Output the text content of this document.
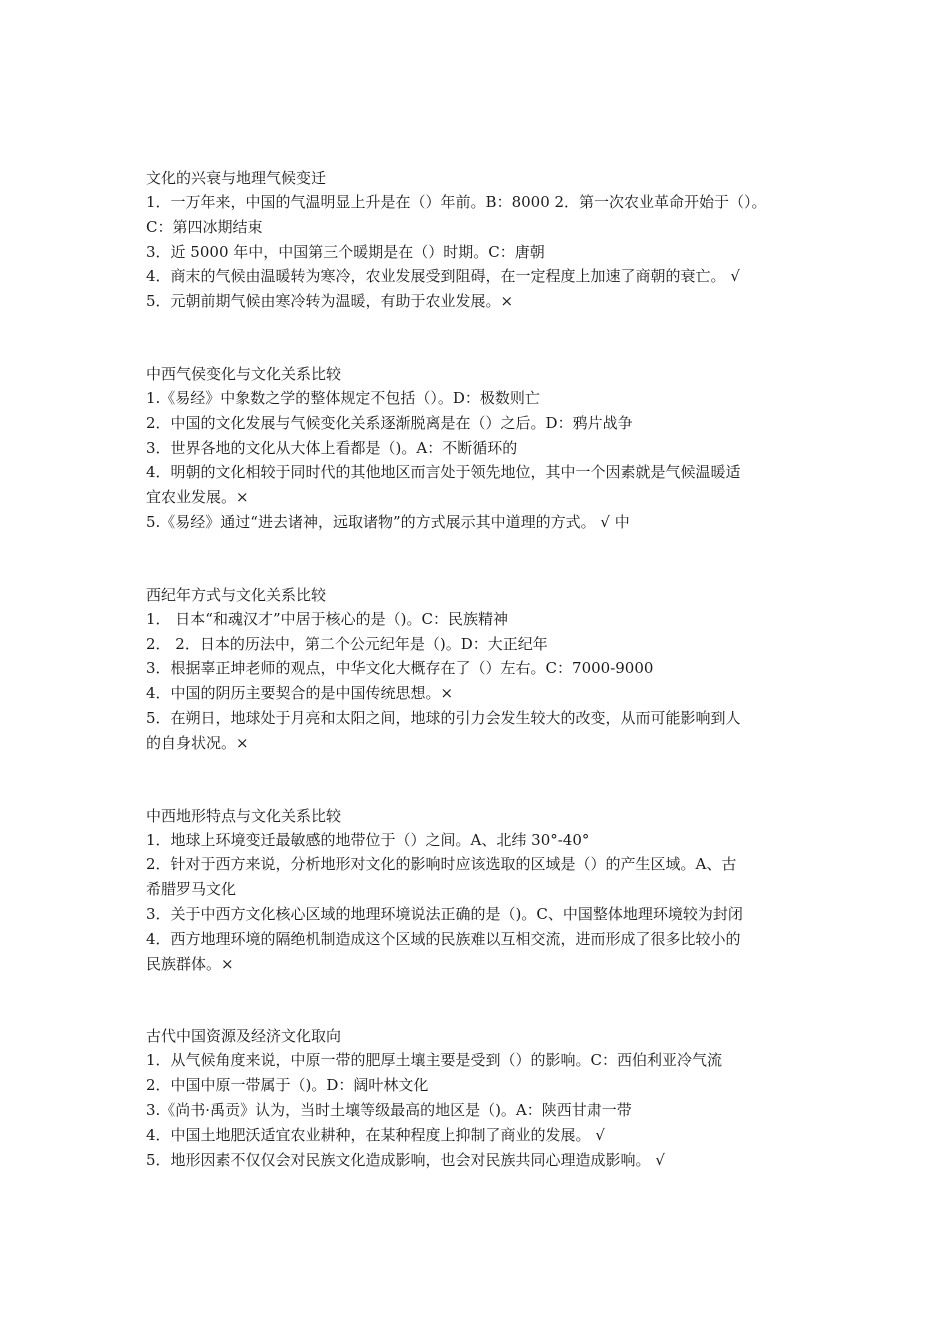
文化的兴衰与地理气候变迁

1．一万年来，中国的气温明显上升是在（）年前。B：8000 2．第一次农业革命开始于（）。

C：第四冰期结束

3．近 5000 年中，中国第三个暖期是在（）时期。C：唐朝

4．商末的气候由温暖转为寒冷，农业发展受到阻碍，在一定程度上加速了商朝的衰亡。 √

5．元朝前期气候由寒冷转为温暖，有助于农业发展。×

中西气侯变化与文化关系比较

1.《易经》中象数之学的整体规定不包括（）。D：极数则亡

2．中国的文化发展与气候变化关系逐渐脱离是在（）之后。D：鸦片战争

3．世界各地的文化从大体上看都是（)。A：不断循环的

4．明朝的文化相较于同时代的其他地区而言处于领先地位，其中一个因素就是气候温暖适

宜农业发展。×

5.《易经》通过“进去诸神，远取诸物”的方式展示其中道理的方式。 √ 中

西纪年方式与文化关系比较

1． 日本“和魂汉才”中居于核心的是（)。C：民族精神

2． 2．日本的历法中，第二个公元纪年是（)。D：大正纪年

3．根据辜正坤老师的观点，中华文化大概存在了（）左右。C：7000-9000

4．中国的阴历主要契合的是中国传统思想。×

5．在朔日，地球处于月亮和太阳之间，地球的引力会发生较大的改变，从而可能影响到人

的自身状况。×

中西地形特点与文化关系比较

1．地球上环境变迁最敏感的地带位于（）之间。A、北纬 30°-40°

2．针对于西方来说，分析地形对文化的影响时应该选取的区域是（）的产生区域。A、古

希腊罗马文化

3．关于中西方文化核心区域的地理环境说法正确的是（)。C、中国整体地理环境较为封闭

4．西方地理环境的隔绝机制造成这个区域的民族难以互相交流，进而形成了很多比较小的

民族群体。×

古代中国资源及经济文化取向

1．从气候角度来说，中原一带的肥厚土壤主要是受到（）的影响。C：西伯利亚冷气流

2．中国中原一带属于（)。D：阔叶林文化

3.《尚书·禹贡》认为，当时土壤等级最高的地区是（)。A：陕西甘肃一带

4．中国土地肥沃适宜农业耕种，在某种程度上抑制了商业的发展。 √

5．地形因素不仅仅会对民族文化造成影响，也会对民族共同心理造成影响。 √
